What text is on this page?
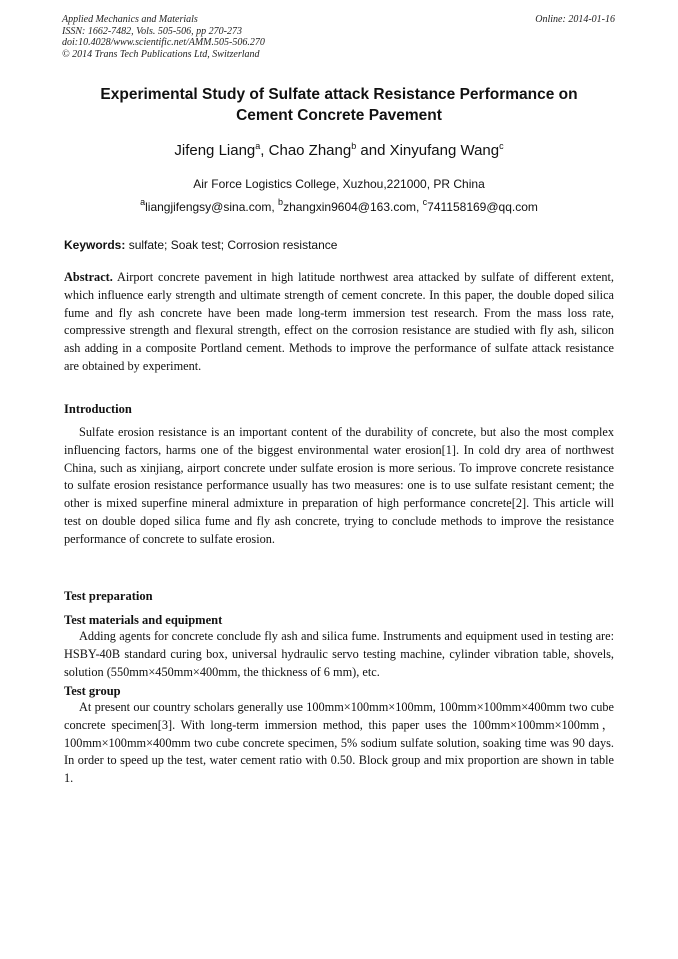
Applied Mechanics and Materials
ISSN: 1662-7482, Vols. 505-506, pp 270-273
doi:10.4028/www.scientific.net/AMM.505-506.270
© 2014 Trans Tech Publications Ltd, Switzerland
Online: 2014-01-16
Experimental Study of Sulfate attack Resistance Performance on
Cement Concrete Pavement
Jifeng Liang$^a$, Chao Zhang$^b$ and Xinyufang Wang$^c$
Air Force Logistics College, Xuzhou,221000, PR China
$^a$liangjifengsy@sina.com, $^b$zhangxin9604@163.com, $^c$741158169@qq.com
Keywords: sulfate; Soak test; Corrosion resistance
Abstract. Airport concrete pavement in high latitude northwest area attacked by sulfate of different extent, which influence early strength and ultimate strength of cement concrete. In this paper, the double doped silica fume and fly ash concrete have been made long-term immersion test research. From the mass loss rate, compressive strength and flexural strength, effect on the corrosion resistance are studied with fly ash, silicon ash adding in a composite Portland cement. Methods to improve the performance of sulfate attack resistance are obtained by experiment.
Introduction
Sulfate erosion resistance is an important content of the durability of concrete, but also the most complex influencing factors, harms one of the biggest environmental water erosion[1]. In cold dry area of northwest China, such as xinjiang, airport concrete under sulfate erosion is more serious. To improve concrete resistance to sulfate erosion resistance performance usually has two measures: one is to use sulfate resistant cement; the other is mixed superfine mineral admixture in preparation of high performance concrete[2]. This article will test on double doped silica fume and fly ash concrete, trying to conclude methods to improve the resistance performance of concrete to sulfate erosion.
Test preparation
Test materials and equipment
Adding agents for concrete conclude fly ash and silica fume. Instruments and equipment used in testing are: HSBY-40B standard curing box, universal hydraulic servo testing machine, cylinder vibration table, shovels, solution (550mm×450mm×400mm, the thickness of 6 mm), etc.
Test group
At present our country scholars generally use 100mm×100mm×100mm, 100mm×100mm×400mm two cube concrete specimen[3]. With long-term immersion method, this paper uses the 100mm×100mm×100mm，100mm×100mm×400mm two cube concrete specimen, 5% sodium sulfate solution, soaking time was 90 days. In order to speed up the test, water cement ratio with 0.50. Block group and mix proportion are shown in table 1.
